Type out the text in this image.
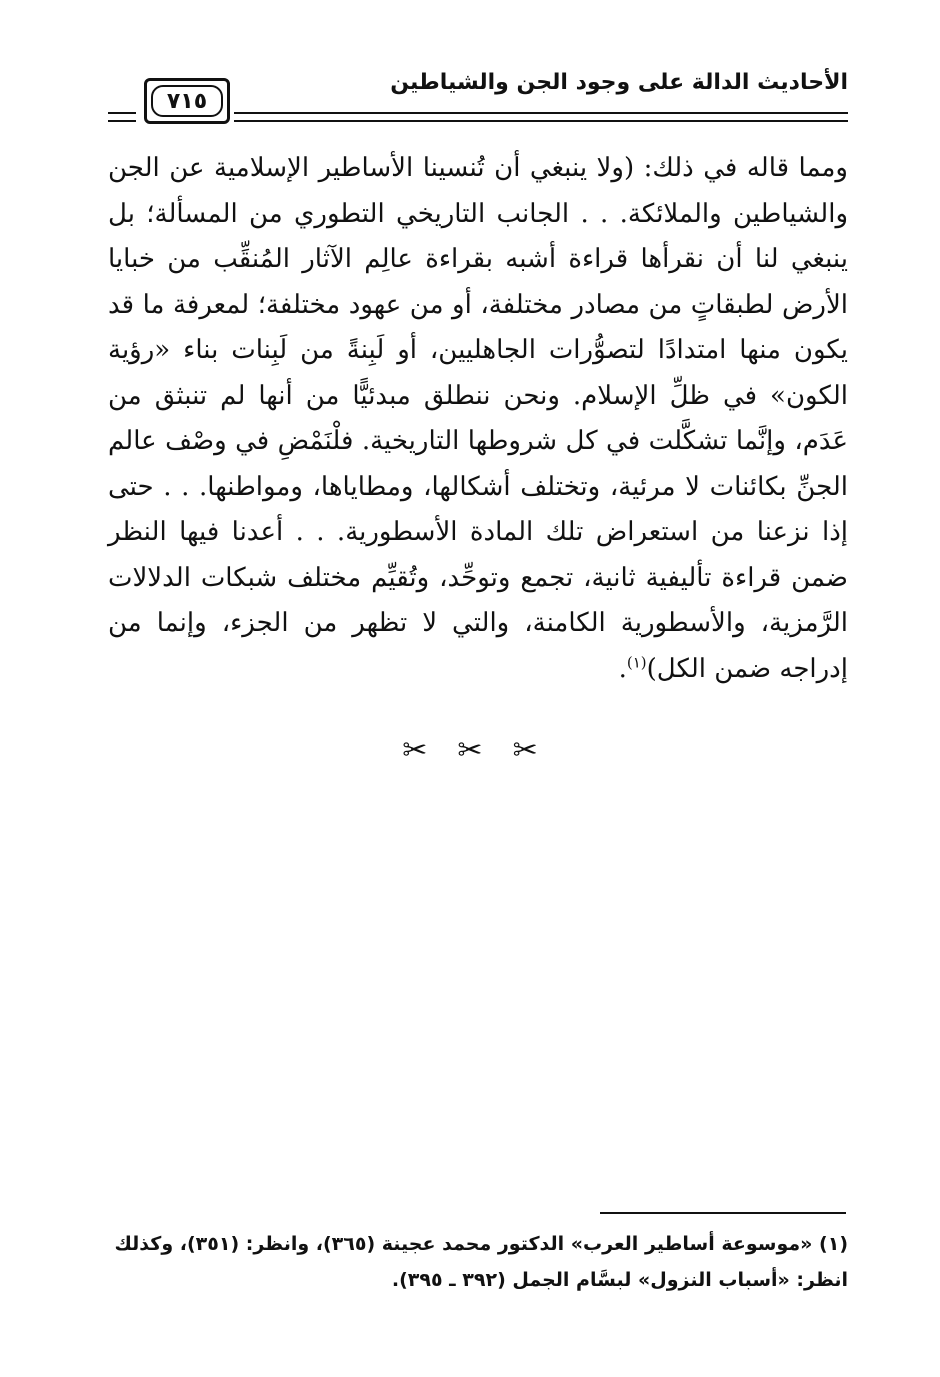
الأحاديث الدالة على وجود الجن والشياطين
٧١٥

ومما قاله في ذلك: (ولا ينبغي أن تُنسينا الأساطير الإسلامية عن الجن والشياطين والملائكة. . . الجانب التاريخي التطوري من المسألة؛ بل ينبغي لنا أن نقرأها قراءة أشبه بقراءة عالِم الآثار المُنقِّب من خبايا الأرض لطبقاتٍ من مصادر مختلفة، أو من عهود مختلفة؛ لمعرفة ما قد يكون منها امتدادًا لتصوُّرات الجاهليين، أو لَبِنةً من لَبِنات بناء «رؤية الكون» في ظلِّ الإسلام. ونحن ننطلق مبدئيًّا من أنها لم تنبثق من عَدَم، وإنَّما تشكَّلت في كل شروطها التاريخية. فلْنَمْضِ في وصْف عالم الجنِّ بكائنات لا مرئية، وتختلف أشكالها، ومطاياها، ومواطنها. . . حتى إذا نزعنا من استعراض تلك المادة الأسطورية. . . أعدنا فيها النظر ضمن قراءة تأليفية ثانية، تجمع وتوحِّد، وتُقيِّم مختلف شبكات الدلالات الرَّمزية، والأسطورية الكامنة، والتي لا تظهر من الجزء، وإنما من إدراجه ضمن الكل)$^{(١)}$.

✂ ✂ ✂

(١) «موسوعة أساطير العرب» الدكتور محمد عجينة (٣٦٥)، وانظر: (٣٥١)، وكذلك

انظر: «أسباب النزول» لبسَّام الجمل (٣٩٢ ـ ٣٩٥).
